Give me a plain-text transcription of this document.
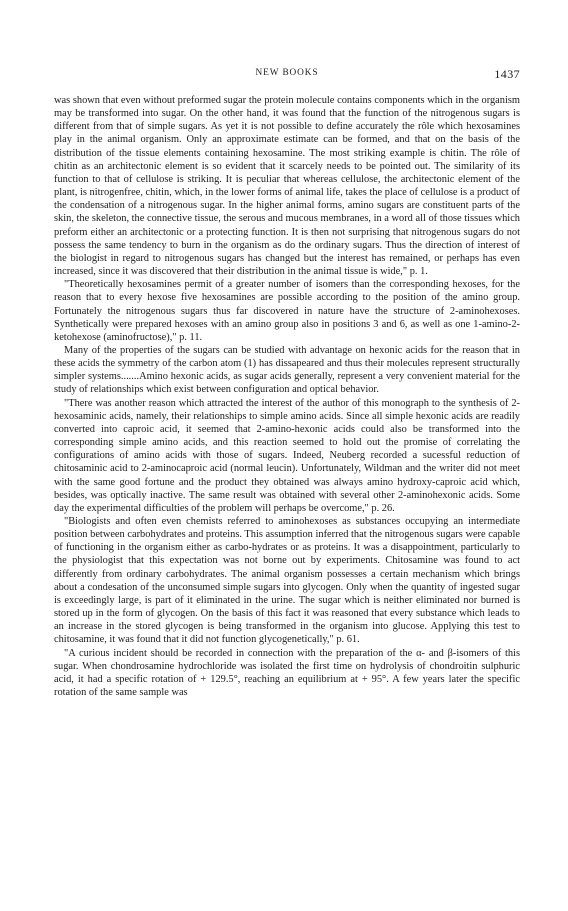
NEW BOOKS	1437

was shown that even without preformed sugar the protein molecule contains components which in the organism may be transformed into sugar. On the other hand, it was found that the function of the nitrogenous sugars is different from that of simple sugars. As yet it is not possible to define accurately the rôle which hexosamines play in the animal organism. Only an approximate estimate can be formed, and that on the basis of the distribution of the tissue elements containing hexosamine. The most striking example is chitin. The rôle of chitin as an architectonic element is so evident that it scarcely needs to be pointed out. The similarity of its function to that of cellulose is striking. It is peculiar that whereas cellulose, the architectonic element of the plant, is nitrogenfree, chitin, which, in the lower forms of animal life, takes the place of cellulose is a product of the condensation of a nitrogenous sugar. In the higher animal forms, amino sugars are constituent parts of the skin, the skeleton, the connective tissue, the serous and mucous membranes, in a word all of those tissues which preform either an architectonic or a protecting function. It is then not surprising that nitrogenous sugars do not possess the same tendency to burn in the organism as do the ordinary sugars. Thus the direction of interest of the biologist in regard to nitrogenous sugars has changed but the interest has remained, or perhaps has even increased, since it was discovered that their distribution in the animal tissue is wide," p. 1.

"Theoretically hexosamines permit of a greater number of isomers than the corresponding hexoses, for the reason that to every hexose five hexosamines are possible according to the position of the amino group. Fortunately the nitrogenous sugars thus far discovered in nature have the structure of 2-aminohexoses. Synthetically were prepared hexoses with an amino group also in positions 3 and 6, as well as one 1-amino-2-ketohexose (aminofructose)," p. 11.

Many of the properties of the sugars can be studied with advantage on hexonic acids for the reason that in these acids the symmetry of the carbon atom (1) has dissapeared and thus their molecules represent structurally simpler systems.......Amino hexonic acids, as sugar acids generally, represent a very convenient material for the study of relationships which exist between configuration and optical behavior.

"There was another reason which attracted the interest of the author of this monograph to the synthesis of 2-hexosaminic acids, namely, their relationships to simple amino acids. Since all simple hexonic acids are readily converted into caproic acid, it seemed that 2-amino-hexonic acids could also be transformed into the corresponding simple amino acids, and this reaction seemed to hold out the promise of correlating the configurations of amino acids with those of sugars. Indeed, Neuberg recorded a sucessful reduction of chitosaminic acid to 2-aminocaproic acid (normal leucin). Unfortunately, Wildman and the writer did not meet with the same good fortune and the product they obtained was always amino hydroxy-caproic acid which, besides, was optically inactive. The same result was obtained with several other 2-aminohexonic acids. Some day the experimental difficulties of the problem will perhaps be overcome," p. 26.

"Biologists and often even chemists referred to aminohexoses as substances occupying an intermediate position between carbohydrates and proteins. This assumption inferred that the nitrogenous sugars were capable of functioning in the organism either as carbo-hydrates or as proteins. It was a disappointment, particularly to the physiologist that this expectation was not borne out by experiments. Chitosamine was found to act differently from ordinary carbohydrates. The animal organism possesses a certain mechanism which brings about a condesation of the unconsumed simple sugars into glycogen. Only when the quantity of ingested sugar is exceedingly large, is part of it eliminated in the urine. The sugar which is neither eliminated nor burned is stored up in the form of glycogen. On the basis of this fact it was reasoned that every substance which leads to an increase in the stored glycogen is being transformed in the organism into glucose. Applying this test to chitosamine, it was found that it did not function glycogenetically," p. 61.

"A curious incident should be recorded in connection with the preparation of the α- and β-isomers of this sugar. When chondrosamine hydrochloride was isolated the first time on hydrolysis of chondroitin sulphuric acid, it had a specific rotation of + 129.5°, reaching an equilibrium at + 95°. A few years later the specific rotation of the same sample was
